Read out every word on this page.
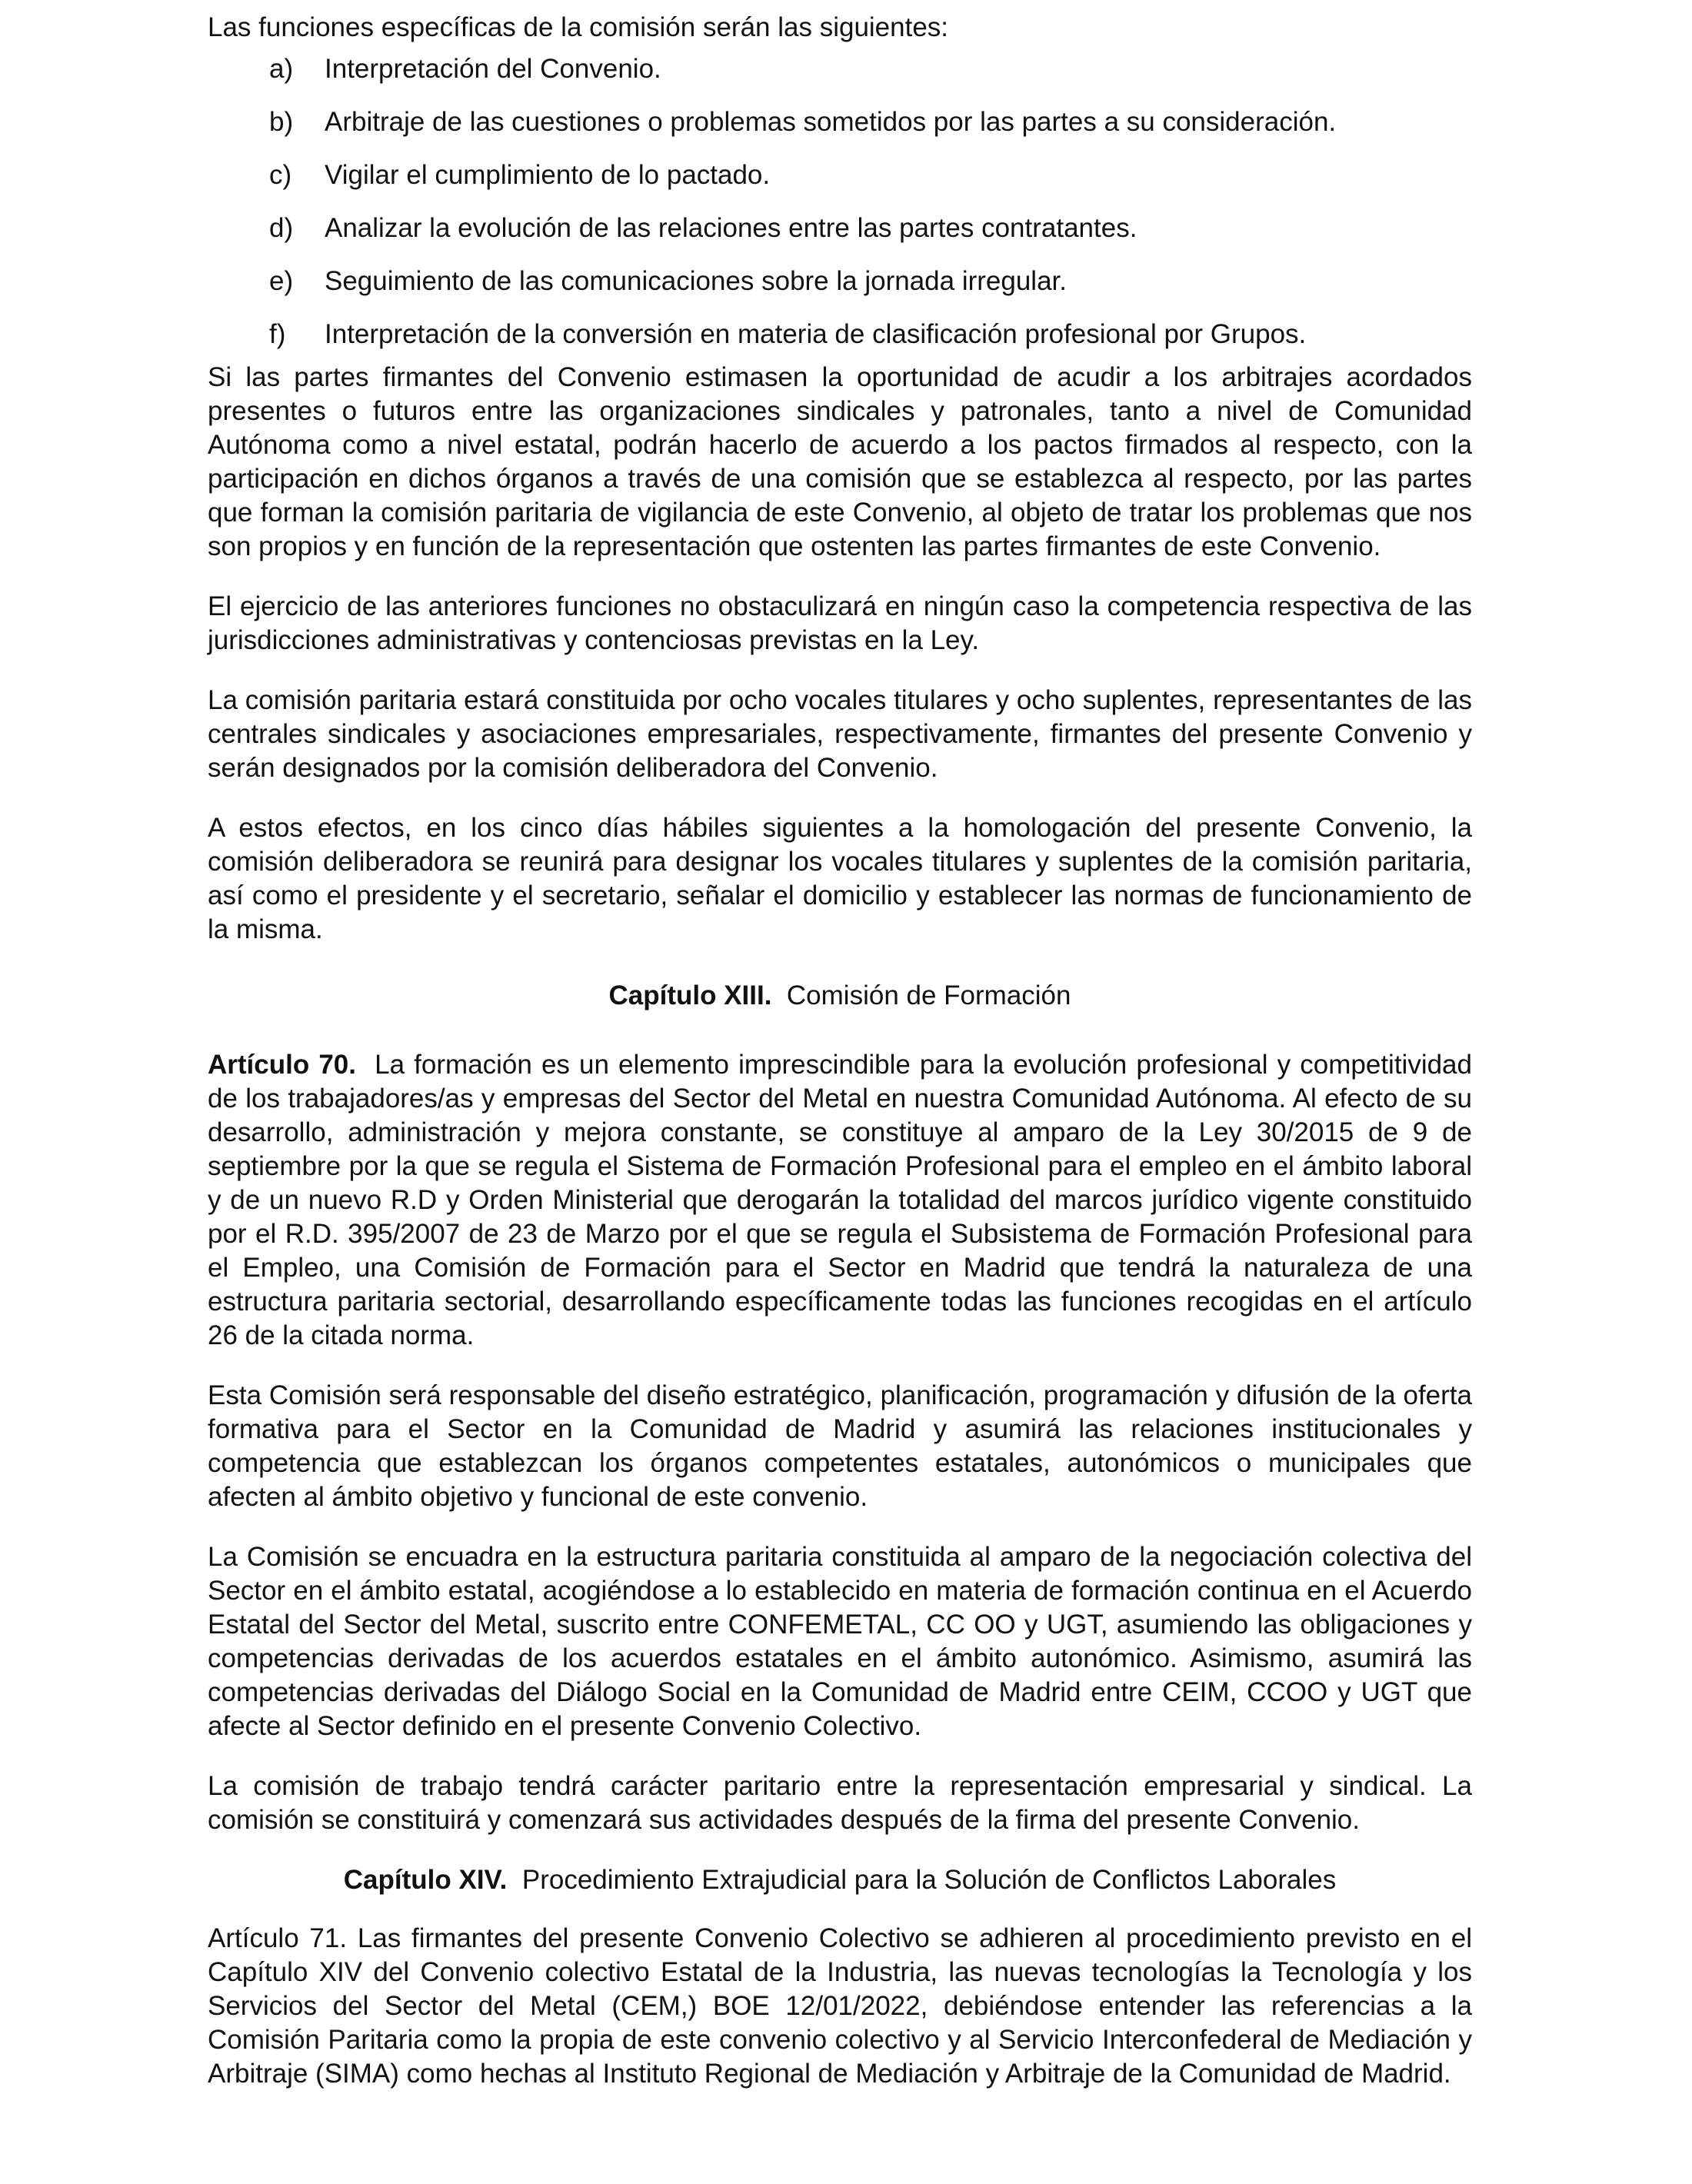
Las funciones específicas de la comisión serán las siguientes:

a)	Interpretación del Convenio.
b)	Arbitraje de las cuestiones o problemas sometidos por las partes a su consideración.
c)	Vigilar el cumplimiento de lo pactado.
d)	Analizar la evolución de las relaciones entre las partes contratantes.
e)	Seguimiento de las comunicaciones sobre la jornada irregular.
f)	Interpretación de la conversión en materia de clasificación profesional por Grupos.

Si las partes firmantes del Convenio estimasen la oportunidad de acudir a los arbitrajes acordados presentes o futuros entre las organizaciones sindicales y patronales, tanto a nivel de Comunidad Autónoma como a nivel estatal, podrán hacerlo de acuerdo a los pactos firmados al respecto, con la participación en dichos órganos a través de una comisión que se establezca al respecto, por las partes que forman la comisión paritaria de vigilancia de este Convenio, al objeto de tratar los problemas que nos son propios y en función de la representación que ostenten las partes firmantes de este Convenio.

El ejercicio de las anteriores funciones no obstaculizará en ningún caso la competencia respectiva de las jurisdicciones administrativas y contenciosas previstas en la Ley.

La comisión paritaria estará constituida por ocho vocales titulares y ocho suplentes, representantes de las centrales sindicales y asociaciones empresariales, respectivamente, firmantes del presente Convenio y serán designados por la comisión deliberadora del Convenio.

A estos efectos, en los cinco días hábiles siguientes a la homologación del presente Convenio, la comisión deliberadora se reunirá para designar los vocales titulares y suplentes de la comisión paritaria, así como el presidente y el secretario, señalar el domicilio y establecer las normas de funcionamiento de la misma.

Capítulo XIII. Comisión de Formación

Artículo 70. La formación es un elemento imprescindible para la evolución profesional y competitividad de los trabajadores/as y empresas del Sector del Metal en nuestra Comunidad Autónoma. Al efecto de su desarrollo, administración y mejora constante, se constituye al amparo de la Ley 30/2015 de 9 de septiembre por la que se regula el Sistema de Formación Profesional para el empleo en el ámbito laboral y de un nuevo R.D y Orden Ministerial que derogarán la totalidad del marcos jurídico vigente constituido por el R.D. 395/2007 de 23 de Marzo por el que se regula el Subsistema de Formación Profesional para el Empleo, una Comisión de Formación para el Sector en Madrid que tendrá la naturaleza de una estructura paritaria sectorial, desarrollando específicamente todas las funciones recogidas en el artículo 26 de la citada norma.

Esta Comisión será responsable del diseño estratégico, planificación, programación y difusión de la oferta formativa para el Sector en la Comunidad de Madrid y asumirá las relaciones institucionales y competencia que establezcan los órganos competentes estatales, autonómicos o municipales que afecten al ámbito objetivo y funcional de este convenio.

La Comisión se encuadra en la estructura paritaria constituida al amparo de la negociación colectiva del Sector en el ámbito estatal, acogiéndose a lo establecido en materia de formación continua en el Acuerdo Estatal del Sector del Metal, suscrito entre CONFEMETAL, CC OO y UGT, asumiendo las obligaciones y competencias derivadas de los acuerdos estatales en el ámbito autonómico. Asimismo, asumirá las competencias derivadas del Diálogo Social en la Comunidad de Madrid entre CEIM, CCOO y UGT que afecte al Sector definido en el presente Convenio Colectivo.

La comisión de trabajo tendrá carácter paritario entre la representación empresarial y sindical. La comisión se constituirá y comenzará sus actividades después de la firma del presente Convenio.

Capítulo XIV. Procedimiento Extrajudicial para la Solución de Conflictos Laborales

Artículo 71. Las firmantes del presente Convenio Colectivo se adhieren al procedimiento previsto en el Capítulo XIV del Convenio colectivo Estatal de la Industria, las nuevas tecnologías la Tecnología y los Servicios del Sector del Metal (CEM,) BOE 12/01/2022, debiéndose entender las referencias a la Comisión Paritaria como la propia de este convenio colectivo y al Servicio Interconfederal de Mediación y Arbitraje (SIMA) como hechas al Instituto Regional de Mediación y Arbitraje de la Comunidad de Madrid.
